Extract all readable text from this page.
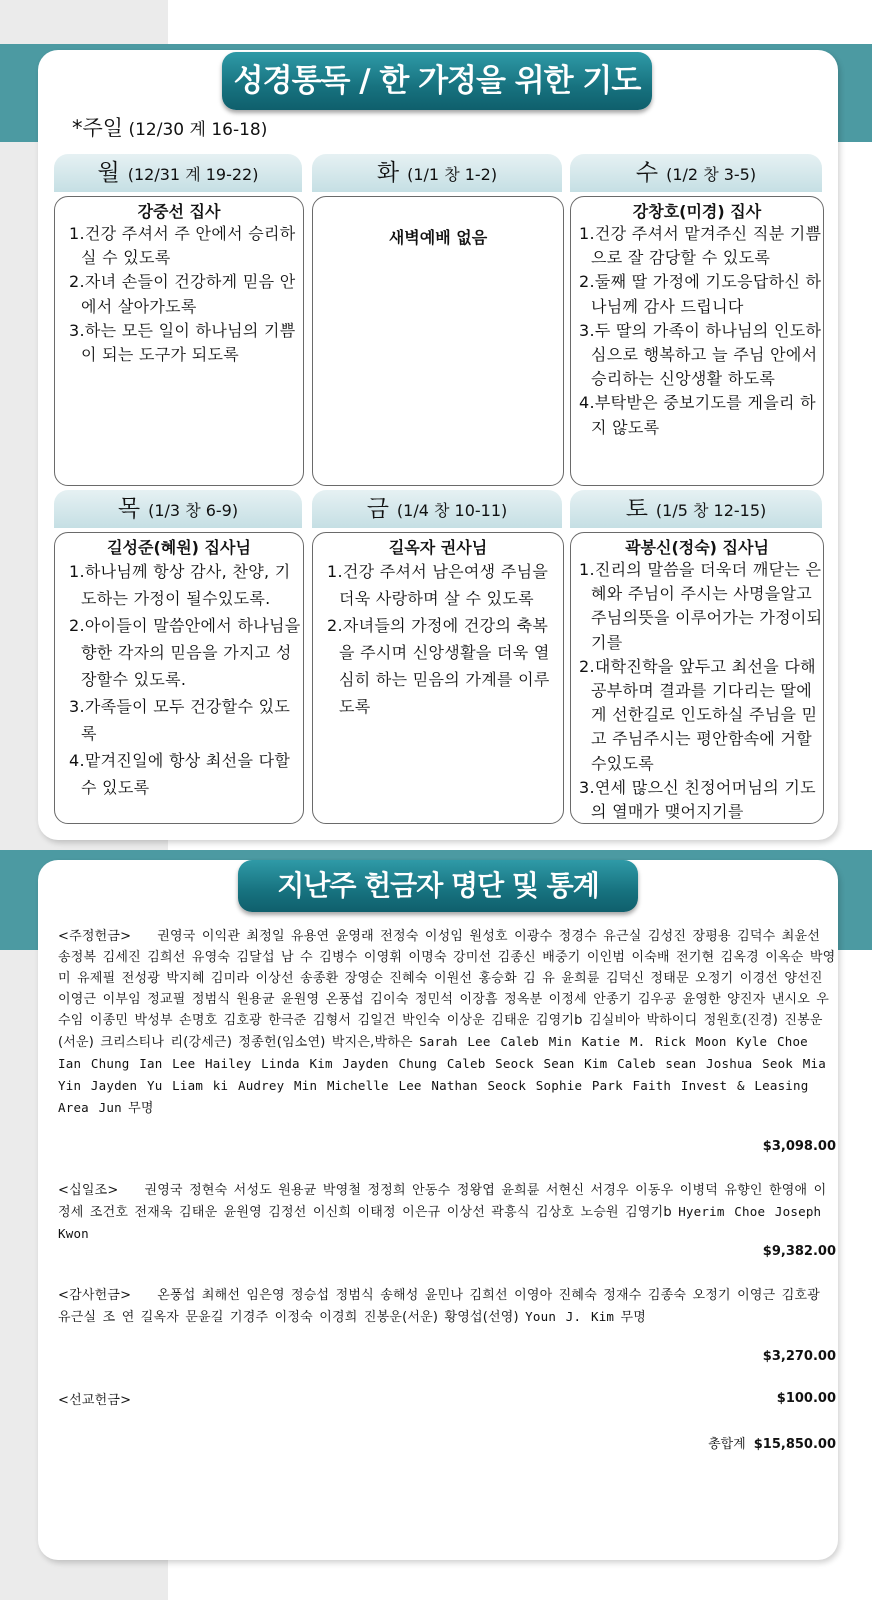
성경통독 / 한 가정을 위한 기도
*주일 (12/30 계 16-18)
월 (12/31 계 19-22)
강중선 집사
1.건강 주셔서 주 안에서 승리하실 수 있도록
2.자녀 손들이 건강하게 믿음 안에서 살아가도록
3.하는 모든 일이 하나님의 기쁨이 되는 도구가 되도록
화 (1/1 창 1-2)
새벽예배 없음
수 (1/2 창 3-5)
강창호(미경) 집사
1.건강 주셔서 맡겨주신 직분 기쁨으로 잘 감당할 수 있도록
2.둘째 딸 가정에 기도응답하신 하나님께 감사 드립니다
3.두 딸의 가족이 하나님의 인도하심으로 행복하고 늘 주님 안에서 승리하는 신앙생활 하도록
4.부탁받은 중보기도를 게을리 하지 않도록
목 (1/3 창 6-9)
길성준(혜원) 집사님
1.하나님께 항상 감사, 찬양, 기도하는 가정이 될수있도록.
2.아이들이 말씀안에서 하나님을향한 각자의 믿음을 가지고 성장할수 있도록.
3.가족들이 모두 건강할수 있도록
4.맡겨진일에 항상 최선을 다할수 있도록
금 (1/4 창 10-11)
길옥자 권사님
1.건강 주셔서 남은여생 주님을 더욱 사랑하며 살 수 있도록
2.자녀들의 가정에 건강의 축복을 주시며 신앙생활을 더욱 열심히 하는 믿음의 가계를 이루도록
토 (1/5 창 12-15)
곽봉신(정숙) 집사님
1.진리의 말씀을 더욱더 깨닫는 은혜와 주님이 주시는 사명을알고 주님의뜻을 이루어가는 가정이되기를
2.대학진학을 앞두고 최선을 다해 공부하며 결과를 기다리는 딸에게 선한길로 인도하실 주님을 믿고 주님주시는 평안함속에 거할수있도록
3.연세 많으신 친정어머님의 기도의 열매가 맺어지기를
지난주 헌금자 명단 및 통계
<주정헌금> 권영국 이익관 최정일 유용연 윤영래 전정숙 이성임 원성호 이광수 정경수 유근실 김성진 장평용 김덕수 최윤선 송정복 김세진 김희선 유영숙 김달섭 남 수 김병수 이영휘 이명숙 강미선 김종신 배중기 이인범 이숙배 전기현 김옥경 이옥순 박영미 유제필 전성광 박지혜 김미라 이상선 송종환 장영순 진혜숙 이원선 홍승화 김 유 윤희륜 김덕신 정태문 오정기 이경선 양선진 이영근 이부임 정교필 정범식 원용균 윤원영 온풍섭 김이숙 정민석 이장흠 정옥분 이정세 안종기 김우공 윤영한 양진자 낸시오 우수임 이종민 박성부 손명호 김호광 한극준 김형서 김일건 박인숙 이상운 김태운 김영기b 김실비아 박하이디 정원호(진경) 진봉운(서운) 크리스티나 리(강세근) 정종헌(임소연) 박지은,박하은 Sarah Lee Caleb Min Katie M. Rick Moon Kyle Choe Ian Chung Ian Lee Hailey Linda Kim Jayden Chung Caleb Seock Sean Kim Caleb sean Joshua Seok Mia Yin Jayden Yu Liam ki Audrey Min Michelle Lee Nathan Seock Sophie Park Faith Invest & Leasing Area Jun 무명
$3,098.00
<십일조> 권영국 정현숙 서성도 원용균 박영철 정정희 안동수 정왕엽 윤희륜 서현신 서경우 이동우 이병덕 유향인 한영애 이정세 조건호 전재욱 김태운 윤원영 김정선 이신희 이태정 이은규 이상선 곽흥식 김상호 노승원 김영기b Hyerim Choe Joseph Kwon
$9,382.00
<감사헌금> 온풍섭 최해선 임은영 정승섭 정범식 송해성 윤민나 김희선 이영아 진혜숙 정재수 김종숙 오정기 이영근 김호광 유근실 조 연 길옥자 문윤길 기경주 이정숙 이경희 진봉운(서운) 황영섭(선영) Youn J. Kim 무명
$3,270.00
<선교헌금>	$100.00
총합계 $15,850.00
